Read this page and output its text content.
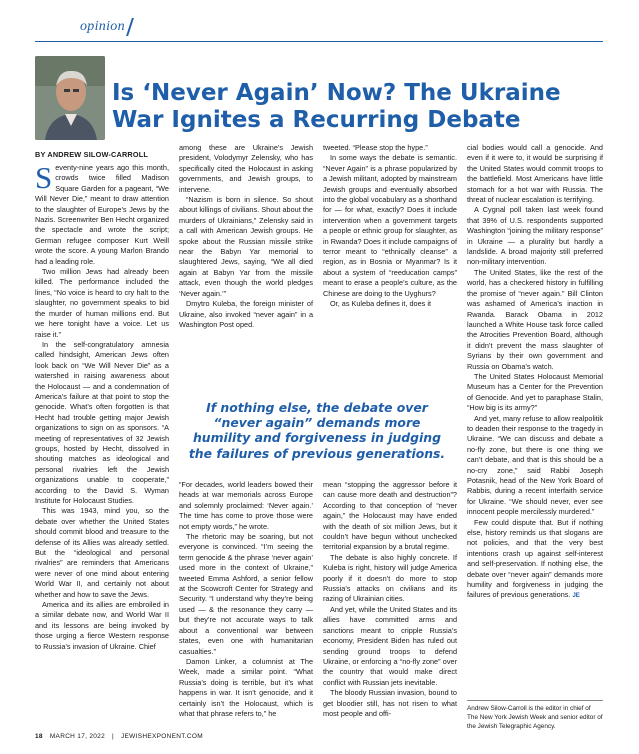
opinion
Is ‘Never Again’ Now? The Ukraine War Ignites a Recurring Debate
BY ANDREW SILOW-CARROLL

Seventy-nine years ago this month, crowds twice filled Madison Square Garden for a pageant, “We Will Never Die,” meant to draw attention to the slaughter of Europe’s Jews by the Nazis. Screenwriter Ben Hecht organized the spectacle and wrote the script; German refugee composer Kurt Weill wrote the score. A young Marlon Brando had a leading role.

Two million Jews had already been killed. The performance included the lines, “No voice is heard to cry halt to the slaughter, no government speaks to bid the murder of human millions end. But we here tonight have a voice. Let us raise it.”

In the self-congratulatory amnesia called hindsight, American Jews often look back on “We Will Never Die” as a watershed in raising awareness about the Holocaust — and a condemnation of America’s failure at that point to stop the genocide. What’s often forgotten is that Hecht had trouble getting major Jewish organizations to sign on as sponsors. “A meeting of representatives of 32 Jewish groups, hosted by Hecht, dissolved in shouting matches as ideological and personal rivalries left the Jewish organizations unable to cooperate,” according to the David S. Wyman Institute for Holocaust Studies.

This was 1943, mind you, so the debate over whether the United States should commit blood and treasure to the defense of its Allies was already settled. But the “ideological and personal rivalries” are reminders that Americans were never of one mind about entering World War II, and certainly not about whether and how to save the Jews.

America and its allies are embroiled in a similar debate now, and World War II and its lessons are being invoked by those urging a fierce Western response to Russia’s invasion of Ukraine. Chief

among these are Ukraine’s Jewish president, Volodymyr Zelensky, who has specifically cited the Holocaust in asking governments, and Jewish groups, to intervene.

“Nazism is born in silence. So shout about killings of civilians. Shout about the murders of Ukrainians,” Zelensky said in a call with American Jewish groups. He spoke about the Russian missile strike near the Babyn Yar memorial to slaughtered Jews, saying, “We all died again at Babyn Yar from the missile attack, even though the world pledges ‘Never again.’”

Dmytro Kuleba, the foreign minister of Ukraine, also invoked “never again” in a Washington Post oped.

tweeted. “Please stop the hype.”

In some ways the debate is semantic. “Never Again” is a phrase popularized by a Jewish militant, adopted by mainstream Jewish groups and eventually absorbed into the global vocabulary as a shorthand for — for what, exactly? Does it include intervention when a government targets a people or ethnic group for slaughter, as in Rwanda? Does it include campaigns of terror meant to “ethnically cleanse” a region, as in Bosnia or Myanmar? Is it about a system of “reeducation camps” meant to erase a people’s culture, as the Chinese are doing to the Uyghurs?

Or, as Kuleba defines it, does it

If nothing else, the debate over “never again” demands more humility and forgiveness in judging the failures of previous generations.

“For decades, world leaders bowed their heads at war memorials across Europe and solemnly proclaimed: ‘Never again.’ The time has come to prove those were not empty words,” he wrote.

The rhetoric may be soaring, but not everyone is convinced. “I’m seeing the term genocide & the phrase ‘never again’ used more in the context of Ukraine,” tweeted Emma Ashford, a senior fellow at the Scowcroft Center for Strategy and Security. “I understand why they’re being used — & the resonance they carry — but they’re not accurate ways to talk about a conventional war between states, even one with humanitarian casualties.”

Damon Linker, a columnist at The Week, made a similar point. “What Russia’s doing is terrible, but it’s what happens in war. It isn’t genocide, and it certainly isn’t the Holocaust, which is what that phrase refers to,” he

mean “stopping the aggressor before it can cause more death and destruction”? According to that conception of “never again,” the Holocaust may have ended with the death of six million Jews, but it couldn’t have begun without unchecked territorial expansion by a brutal regime.

The debate is also highly concrete. If Kuleba is right, history will judge America poorly if it doesn’t do more to stop Russia’s attacks on civilians and its razing of Ukrainian cities.

And yet, while the United States and its allies have committed arms and sanctions meant to cripple Russia’s economy, President Biden has ruled out sending ground troops to defend Ukraine, or enforcing a “no-fly zone” over the country that would make direct conflict with Russian jets inevitable.

The bloody Russian invasion, bound to get bloodier still, has not risen to what most people and offi-

cial bodies would call a genocide. And even if it were to, it would be surprising if the United States would commit troops to the battlefield. Most Americans have little stomach for a hot war with Russia. The threat of nuclear escalation is terrifying.

A Cygnal poll taken last week found that 39% of U.S. respondents supported Washington “joining the military response” in Ukraine — a plurality but hardly a landslide. A broad majority still preferred non-military intervention.

The United States, like the rest of the world, has a checkered history in fulfilling the promise of “never again.” Bill Clinton was ashamed of America’s inaction in Rwanda. Barack Obama in 2012 launched a White House task force called the Atrocities Prevention Board, although it didn’t prevent the mass slaughter of Syrians by their own government and Russia on Obama’s watch.

The United States Holocaust Memorial Museum has a Center for the Prevention of Genocide. And yet to paraphase Stalin, “How big is its army?”

And yet, many refuse to allow realpolitik to deaden their response to the tragedy in Ukraine. “We can discuss and debate a no-fly zone, but there is one thing we can’t debate, and that is this should be a no-cry zone,” said Rabbi Joseph Potasnik, head of the New York Board of Rabbis, during a recent interfaith service for Ukraine. “We should never, ever see innocent people mercilessly murdered.”

Few could dispute that. But if nothing else, history reminds us that slogans are not policies, and that the very best intentions crash up against self-interest and self-preservation. If nothing else, the debate over “never again” demands more humility and forgiveness in judging the failures of previous generations. JE

Andrew Silow-Carroll is the editor in chief of The New York Jewish Week and senior editor of the Jewish Telegraphic Agency.

18 MARCH 17, 2022 | JEWISHEXPONENT.COM
